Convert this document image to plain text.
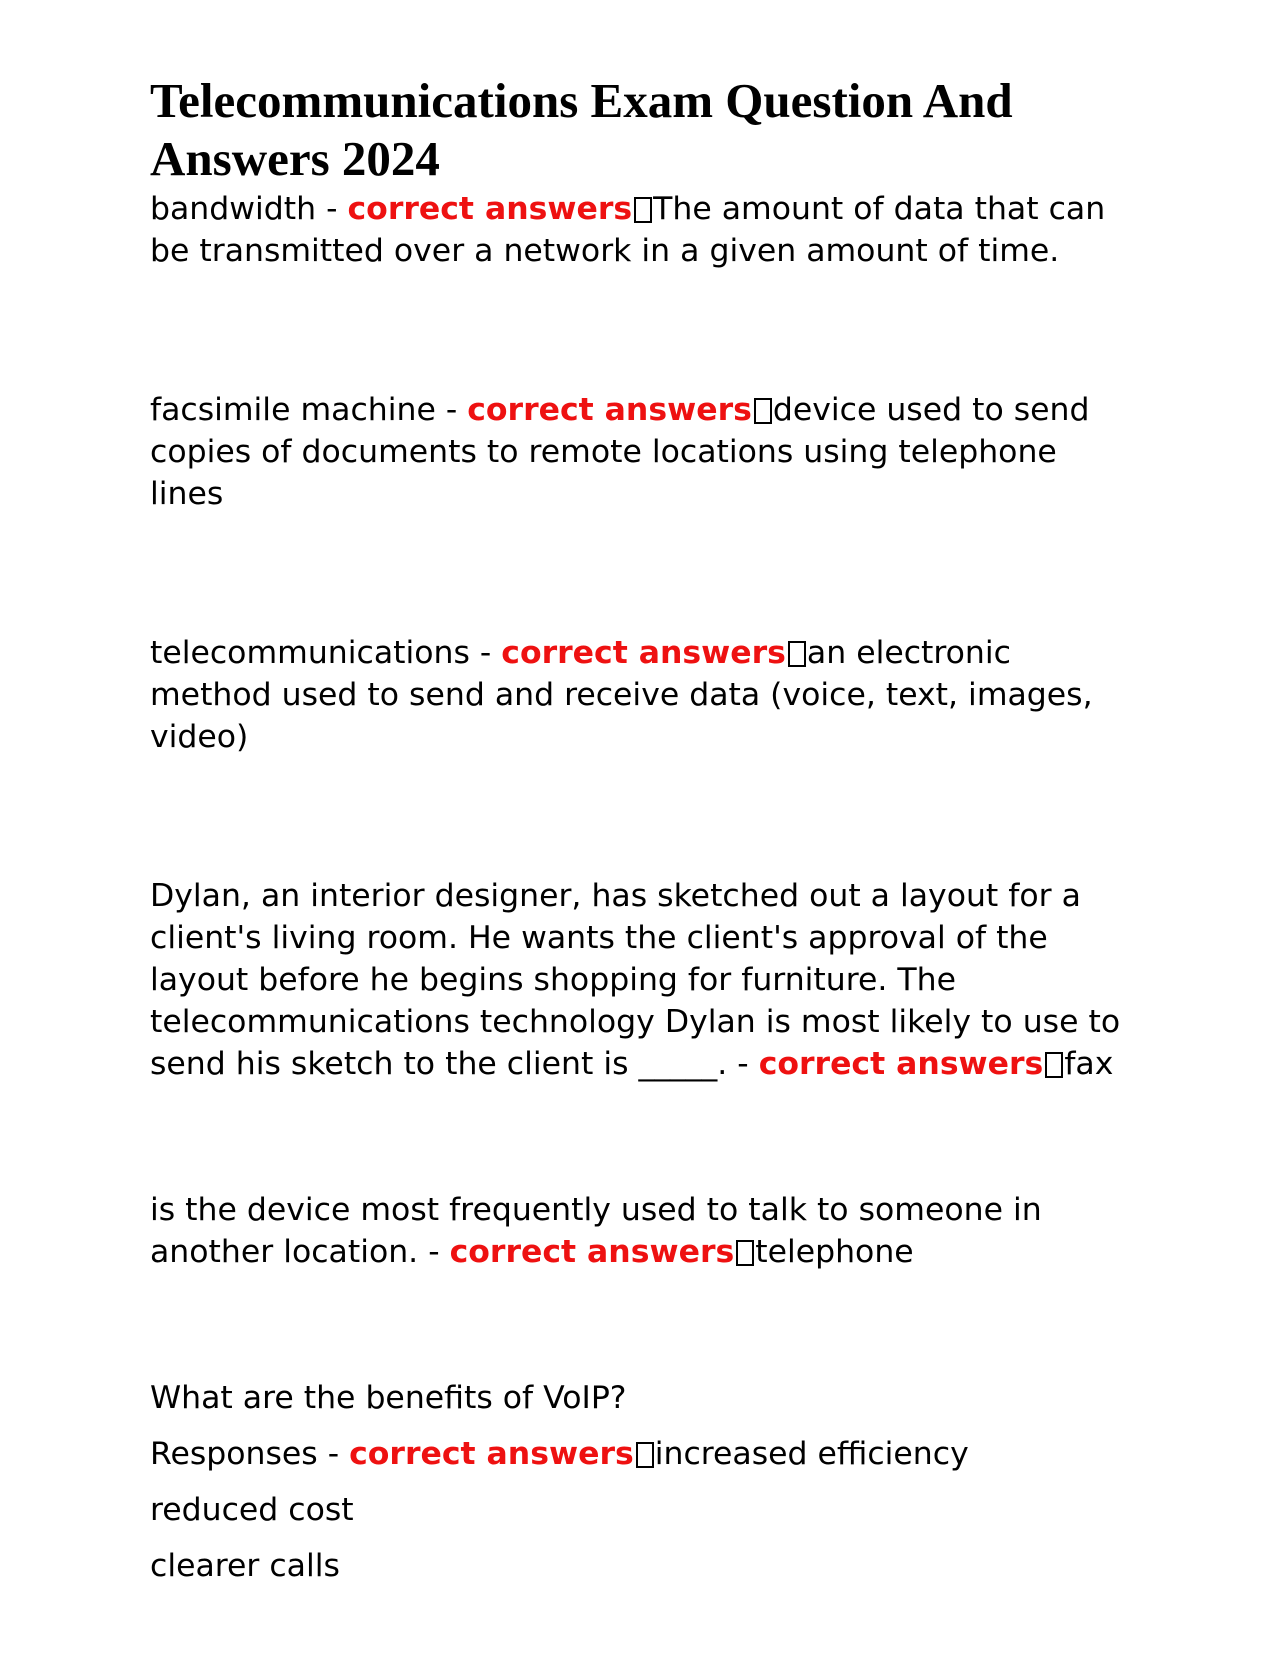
Telecommunications Exam Question And Answers 2024

bandwidth - correct answers The amount of data that can be transmitted over a network in a given amount of time.

facsimile machine - correct answers device used to send copies of documents to remote locations using telephone lines

telecommunications - correct answers an electronic method used to send and receive data (voice, text, images, video)

Dylan, an interior designer, has sketched out a layout for a client's living room. He wants the client's approval of the layout before he begins shopping for furniture. The telecommunications technology Dylan is most likely to use to send his sketch to the client is _____. - correct answers fax

is the device most frequently used to talk to someone in another location. - correct answers telephone

What are the benefits of VoIP?

Responses - correct answers increased efficiency

reduced cost

clearer calls
